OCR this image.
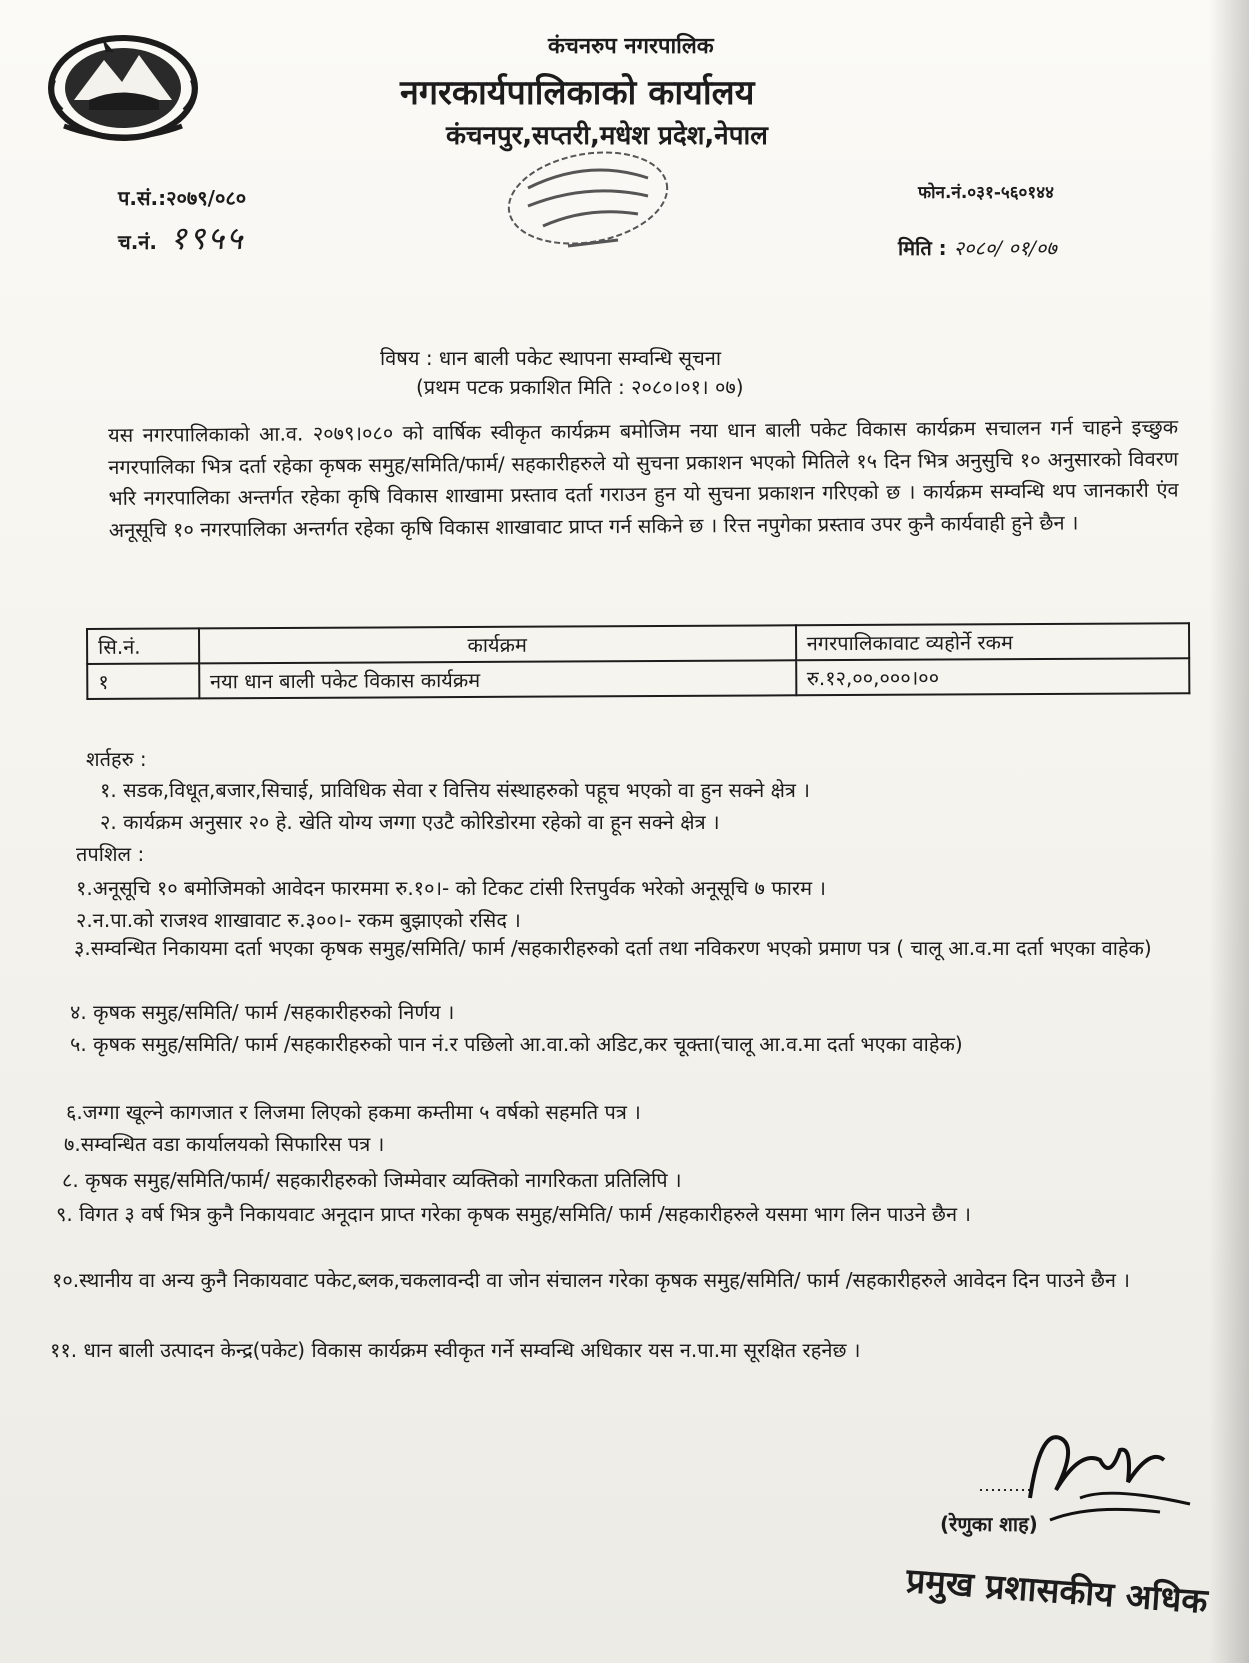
कंचनरुप नगरपालिक
नगरकार्यपालिकाको कार्यालय
कंचनपुर,सप्तरी,मधेश प्रदेश,नेपाल
प.सं.:२०७९/०८०
च.नं. १९५५
फोन.नं.०३१-५६०१४४
मिति : २०८०/ ०१/०७
विषय : धान बाली पकेट स्थापना सम्वन्धि सूचना
(प्रथम पटक प्रकाशित मिति : २०८०।०१। ०७)
यस नगरपालिकाको आ.व. २०७९।०८० को वार्षिक स्वीकृत कार्यक्रम बमोजिम नया धान बाली पकेट विकास कार्यक्रम सचालन गर्न चाहने इच्छुक नगरपालिका भित्र दर्ता रहेका कृषक समुह/समिति/फार्म/ सहकारीहरुले यो सुचना प्रकाशन भएको मितिले १५ दिन भित्र अनुसुचि १० अनुसारको विवरण भरि नगरपालिका अन्तर्गत रहेका कृषि विकास शाखामा प्रस्ताव दर्ता गराउन हुन यो सुचना प्रकाशन गरिएको छ । कार्यक्रम सम्वन्धि थप जानकारी एंव अनूसूचि १० नगरपालिका अन्तर्गत रहेका कृषि विकास शाखावाट प्राप्त गर्न सकिने छ । रित्त नपुगेका प्रस्ताव उपर कुनै कार्यवाही हुने छैन ।
सि.नं.	कार्यक्रम	नगरपालिकावाट व्यहोर्ने रकम
१	नया धान बाली पकेट विकास कार्यक्रम	रु.१२,००,०००।००
शर्तहरु :
१. सडक,विधूत,बजार,सिचाई, प्राविधिक सेवा र वित्तिय संस्थाहरुको पहूच भएको वा हुन सक्ने क्षेत्र ।
२. कार्यक्रम अनुसार २० हे. खेति योग्य जग्गा एउटै कोरिडोरमा रहेको वा हून सक्ने क्षेत्र ।
तपशिल :
१.अनूसूचि १० बमोजिमको आवेदन फारममा रु.१०।- को टिकट टांसी रित्तपुर्वक भरेको अनूसूचि ७ फारम ।
२.न.पा.को राजश्व शाखावाट रु.३००।- रकम बुझाएको रसिद ।
३.सम्वन्धित निकायमा दर्ता भएका कृषक समुह/समिति/ फार्म /सहकारीहरुको दर्ता तथा नविकरण भएको प्रमाण पत्र ( चालू आ.व.मा दर्ता भएका वाहेक)
४. कृषक समुह/समिति/ फार्म /सहकारीहरुको निर्णय ।
५. कृषक समुह/समिति/ फार्म /सहकारीहरुको पान नं.र पछिलो आ.वा.को अडिट,कर चूक्ता(चालू आ.व.मा दर्ता भएका वाहेक)
६.जग्गा खूल्ने कागजात र लिजमा लिएको हकमा कम्तीमा ५ वर्षको सहमति पत्र ।
७.सम्वन्धित वडा कार्यालयको सिफारिस पत्र ।
८. कृषक समुह/समिति/फार्म/ सहकारीहरुको जिम्मेवार व्यक्तिको नागरिकता प्रतिलिपि ।
९. विगत ३ वर्ष भित्र कुनै निकायवाट अनूदान प्राप्त गरेका कृषक समुह/समिति/ फार्म /सहकारीहरुले यसमा भाग लिन पाउने छैन ।
१०.स्थानीय वा अन्य कुनै निकायवाट पकेट,ब्लक,चकलावन्दी वा जोन संचालन गरेका कृषक समुह/समिति/ फार्म /सहकारीहरुले आवेदन दिन पाउने छैन ।
११. धान बाली उत्पादन केन्द्र(पकेट) विकास कार्यक्रम स्वीकृत गर्ने सम्वन्धि अधिकार यस न.पा.मा सूरक्षित रहनेछ ।
(रेणुका शाह)
प्रमुख प्रशासकीय अधिक
